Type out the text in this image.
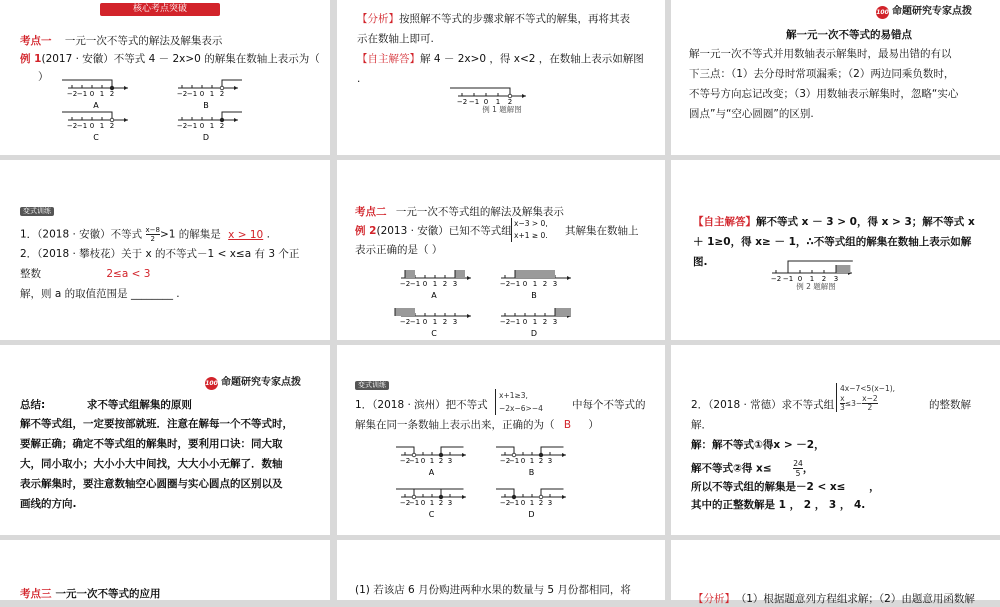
核心考点突破
考点一 一元一次不等式的解法及解集表示
例 1(2017 · 安徽）不等式 4 － 2x>0 的解集在数轴上表示为（
）
−2 −1 0 1 2
A
−2 −1 0 1 2
B
−2 −1 0 1 2
C
−2 −1 0 1 2
D
【分析】按照解不等式的步骤求解不等式的解集，再将其表
示在数轴上即可.
【自主解答】解 4 － 2x>0 ，得 x<2 ，在数轴上表示如解图
.
−2 −1 0 1 2
例 1 题解图
100 命题研究专家点拨
解一元一次不等式的易错点
解一元一次不等式并用数轴表示解集时，最易出错的有以
下三点：（1）去分母时常项漏乘；（2）两边同乘负数时，
不等号方向忘记改变；（3）用数轴表示解集时，忽略“实心
圆点”与“空心圆圈”的区别.
变式训练
1．（2018 · 安徽）不等式 $\frac{x-8}{2} >1$ 的解集是 x > 10 .
2．（2018 · 攀枝花）关于 x 的不等式－1 < x≤a 有 3 个正
整数	2≤a < 3
解，则 a 的取值范围是 ________ .
考点二 一元一次不等式组的解法及解集表示
例 2(2013 · 安徽）已知不等式组
x−3 > 0,
x+1 ≥ 0. 其解集在数轴上
表示正确的是（ ）
−2 −1 0 1 2 3
A
−2 −1 0 1 2 3
B
−2 −1 0 1 2 3
C
−2 −1 0 1 2 3
D
【自主解答】解不等式 x － 3 > 0，得 x > 3；解不等式 x
＋ 1≥0，得 x≥ － 1，∴不等式组的解集在数轴上表示如解
图.
−2 −1 0 1 2 3
例 2 题解图
100 命题研究专家点拨
总结:	求不等式组解集的原则
解不等式组，一定要按部就班．注意在解每一个不等式时，
要解正确；确定不等式组的解集时，要利用口诀：同大取
大，同小取小；大小小大中间找，大大小小无解了．数轴
表示解集时，要注意数轴空心圆圈与实心圆点的区别以及
画线的方向.
变式训练
1．（2018 · 滨州）把不等式
x+1≥3,
−2x−6>−4	中每个不等式的
解集在同一条数轴上表示出来，正确的为（ B ）
−2
−1 0 1 2 3
A
−2
−1 0 1 2 3
B
−2
−1 0 1 2 3
C
−2
−1 0 1 2 3
D
2．（2018 · 常德）求不等式组
4x−7<5(x−1),
$\frac{x}{3} \le 3- \frac{x-2}{2}$	的整数解
解．
解：解不等式①得x > －2，
解不等式②得 x≤	$\frac{24}{5}$ ，
所以不等式组的解集是－2 < x≤ ，
其中的正整数解是 1 ， 2 ， 3 ， 4.
考点三 一元一次不等式的应用	(1) 若该店 6 月份购进两种水果的数量与 5 月份都相同，将
【分析】 （1）根据题意列方程组求解；（2）由题意用函数解
